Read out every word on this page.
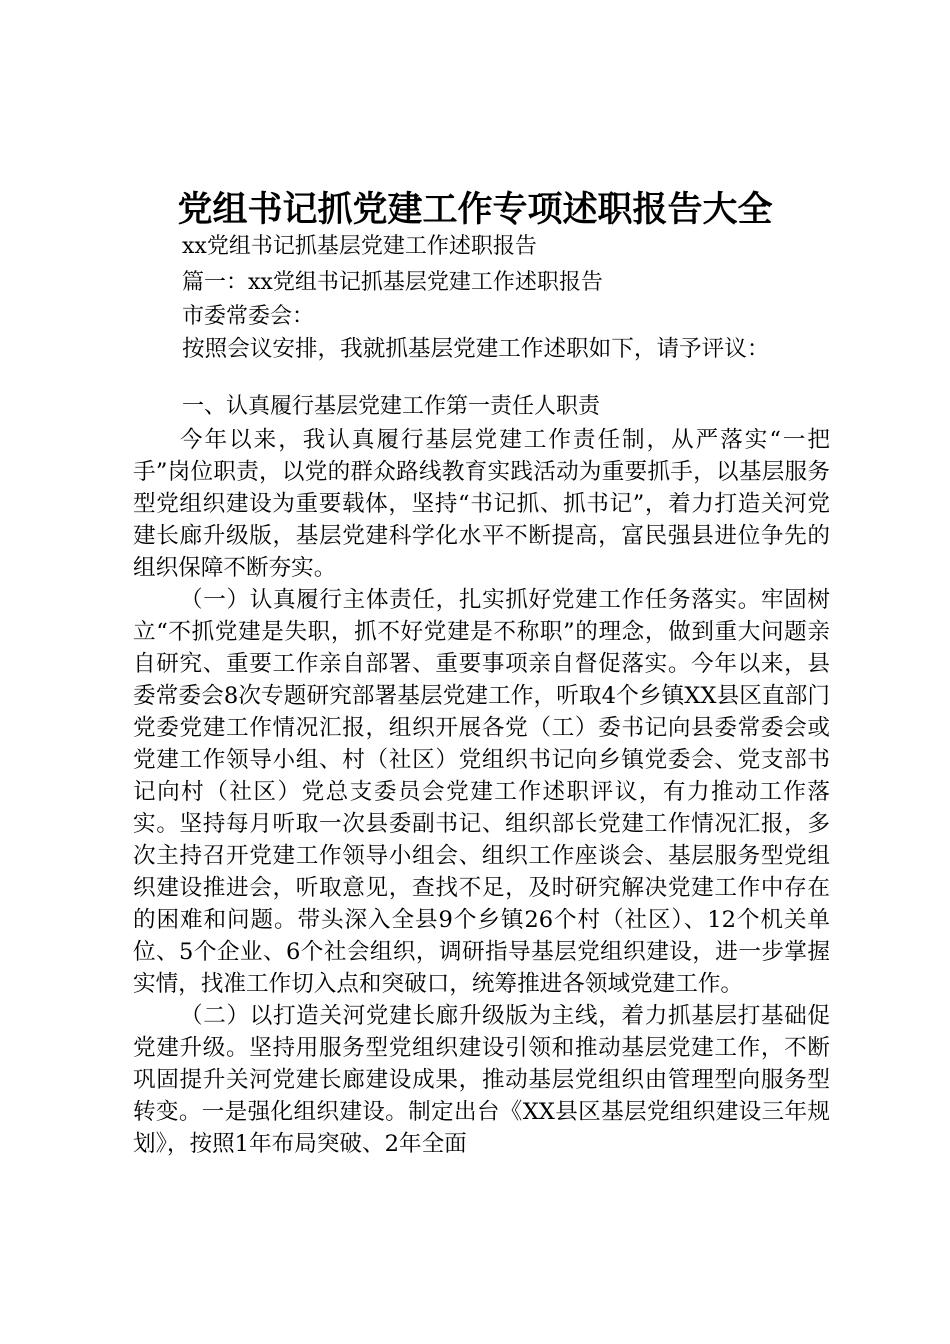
党组书记抓党建工作专项述职报告大全
xx党组书记抓基层党建工作述职报告
篇一：xx党组书记抓基层党建工作述职报告
市委常委会：
按照会议安排，我就抓基层党建工作述职如下，请予评议：
一、认真履行基层党建工作第一责任人职责

今年以来，我认真履行基层党建工作责任制，从严落实“一把手”岗位职责，以党的群众路线教育实践活动为重要抓手，以基层服务型党组织建设为重要载体，坚持“书记抓、抓书记”，着力打造关河党建长廊升级版，基层党建科学化水平不断提高，富民强县进位争先的组织保障不断夯实。

（一）认真履行主体责任，扎实抓好党建工作任务落实。牢固树立“不抓党建是失职，抓不好党建是不称职”的理念，做到重大问题亲自研究、重要工作亲自部署、重要事项亲自督促落实。今年以来，县委常委会8次专题研究部署基层党建工作，听取4个乡镇XX县区直部门党委党建工作情况汇报，组织开展各党（工）委书记向县委常委会或党建工作领导小组、村（社区）党组织书记向乡镇党委会、党支部书记向村（社区）党总支委员会党建工作述职评议，有力推动工作落实。坚持每月听取一次县委副书记、组织部长党建工作情况汇报，多次主持召开党建工作领导小组会、组织工作座谈会、基层服务型党组织建设推进会，听取意见，查找不足，及时研究解决党建工作中存在的困难和问题。带头深入全县9个乡镇26个村（社区）、12个机关单位、5个企业、6个社会组织，调研指导基层党组织建设，进一步掌握实情，找准工作切入点和突破口，统筹推进各领域党建工作。

（二）以打造关河党建长廊升级版为主线，着力抓基层打基础促党建升级。坚持用服务型党组织建设引领和推动基层党建工作，不断巩固提升关河党建长廊建设成果，推动基层党组织由管理型向服务型转变。一是强化组织建设。制定出台《XX县区基层党组织建设三年规划》，按照1年布局突破、2年全面
